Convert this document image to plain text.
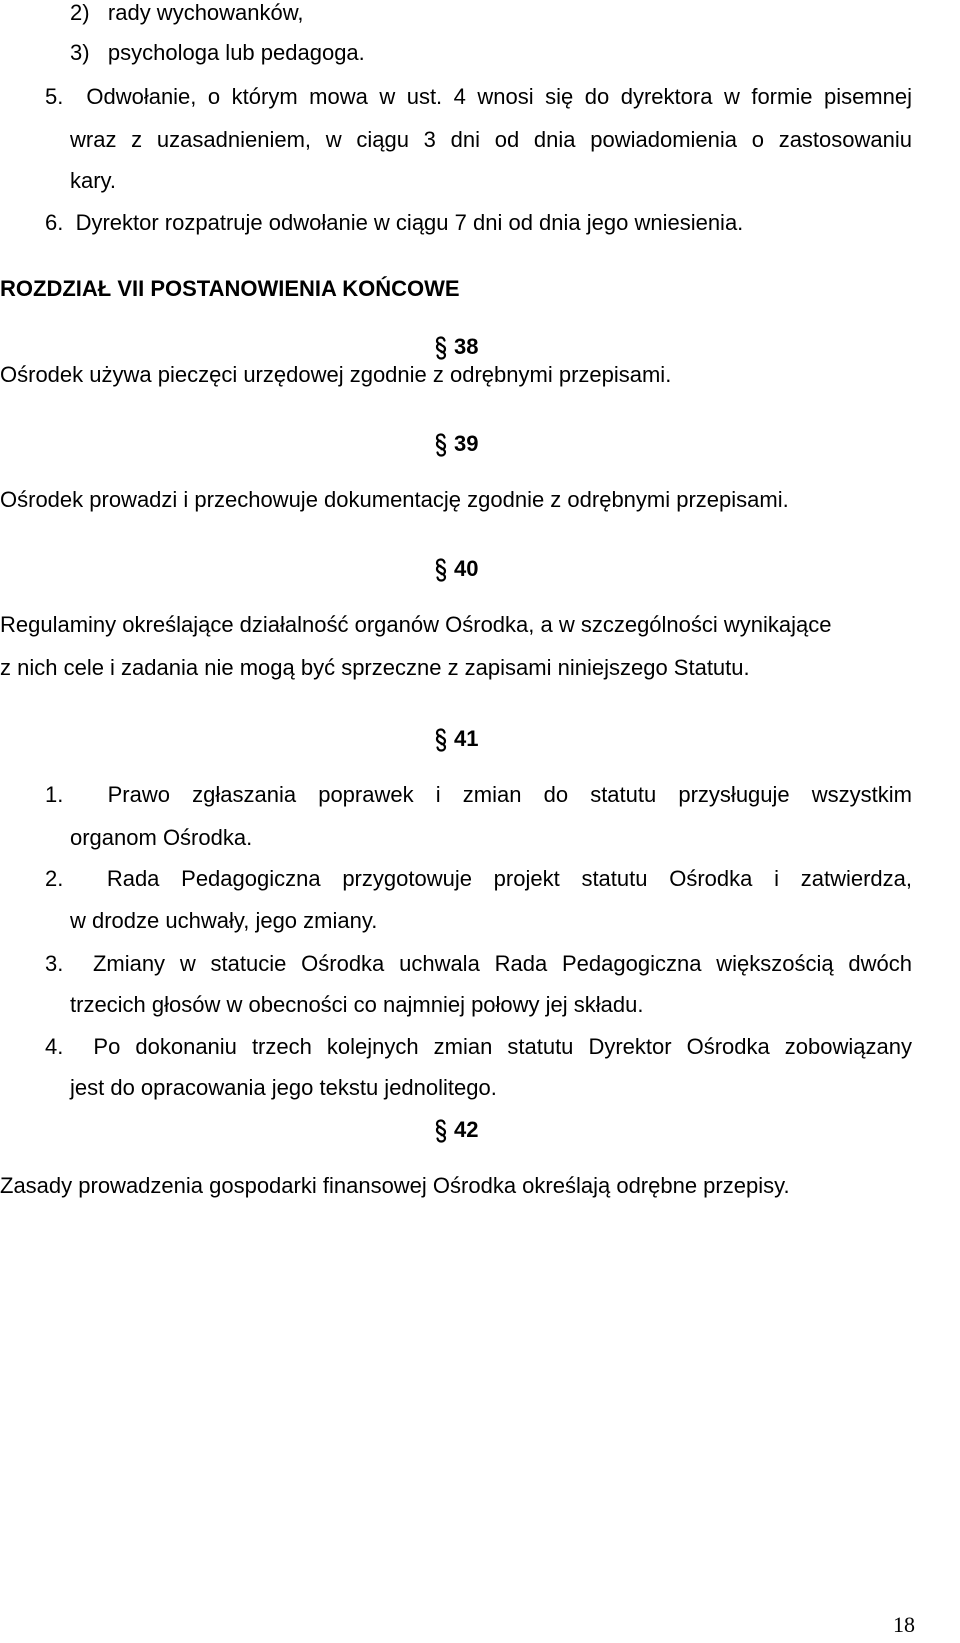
2)   rady wychowanków,
3)   psychologa lub pedagoga.
5.  Odwołanie, o którym mowa w ust. 4 wnosi się do dyrektora w formie pisemnej
wraz z uzasadnieniem, w ciągu 3 dni od dnia powiadomienia o zastosowaniu
kary.
6.  Dyrektor rozpatruje odwołanie w ciągu 7 dni od dnia jego wniesienia.
ROZDZIAŁ VII POSTANOWIENIA KOŃCOWE
38
Ośrodek używa pieczęci urzędowej zgodnie z odrębnymi przepisami.
39
Ośrodek prowadzi i przechowuje dokumentację zgodnie z odrębnymi przepisami.
40
Regulaminy określające działalność organów Ośrodka, a w szczególności wynikające
z nich cele i zadania nie mogą być sprzeczne z zapisami niniejszego Statutu.
41
1.  Prawo zgłaszania poprawek i zmian do statutu przysługuje wszystkim
organom Ośrodka.
2.  Rada Pedagogiczna przygotowuje projekt statutu Ośrodka i zatwierdza,
w drodze uchwały, jego zmiany.
3.  Zmiany w statucie Ośrodka uchwala Rada Pedagogiczna większością dwóch
trzecich głosów w obecności co najmniej połowy jej składu.
4.  Po dokonaniu trzech kolejnych zmian statutu Dyrektor Ośrodka zobowiązany
jest do opracowania jego tekstu jednolitego.
42
Zasady prowadzenia gospodarki finansowej Ośrodka określają odrębne przepisy.
18
